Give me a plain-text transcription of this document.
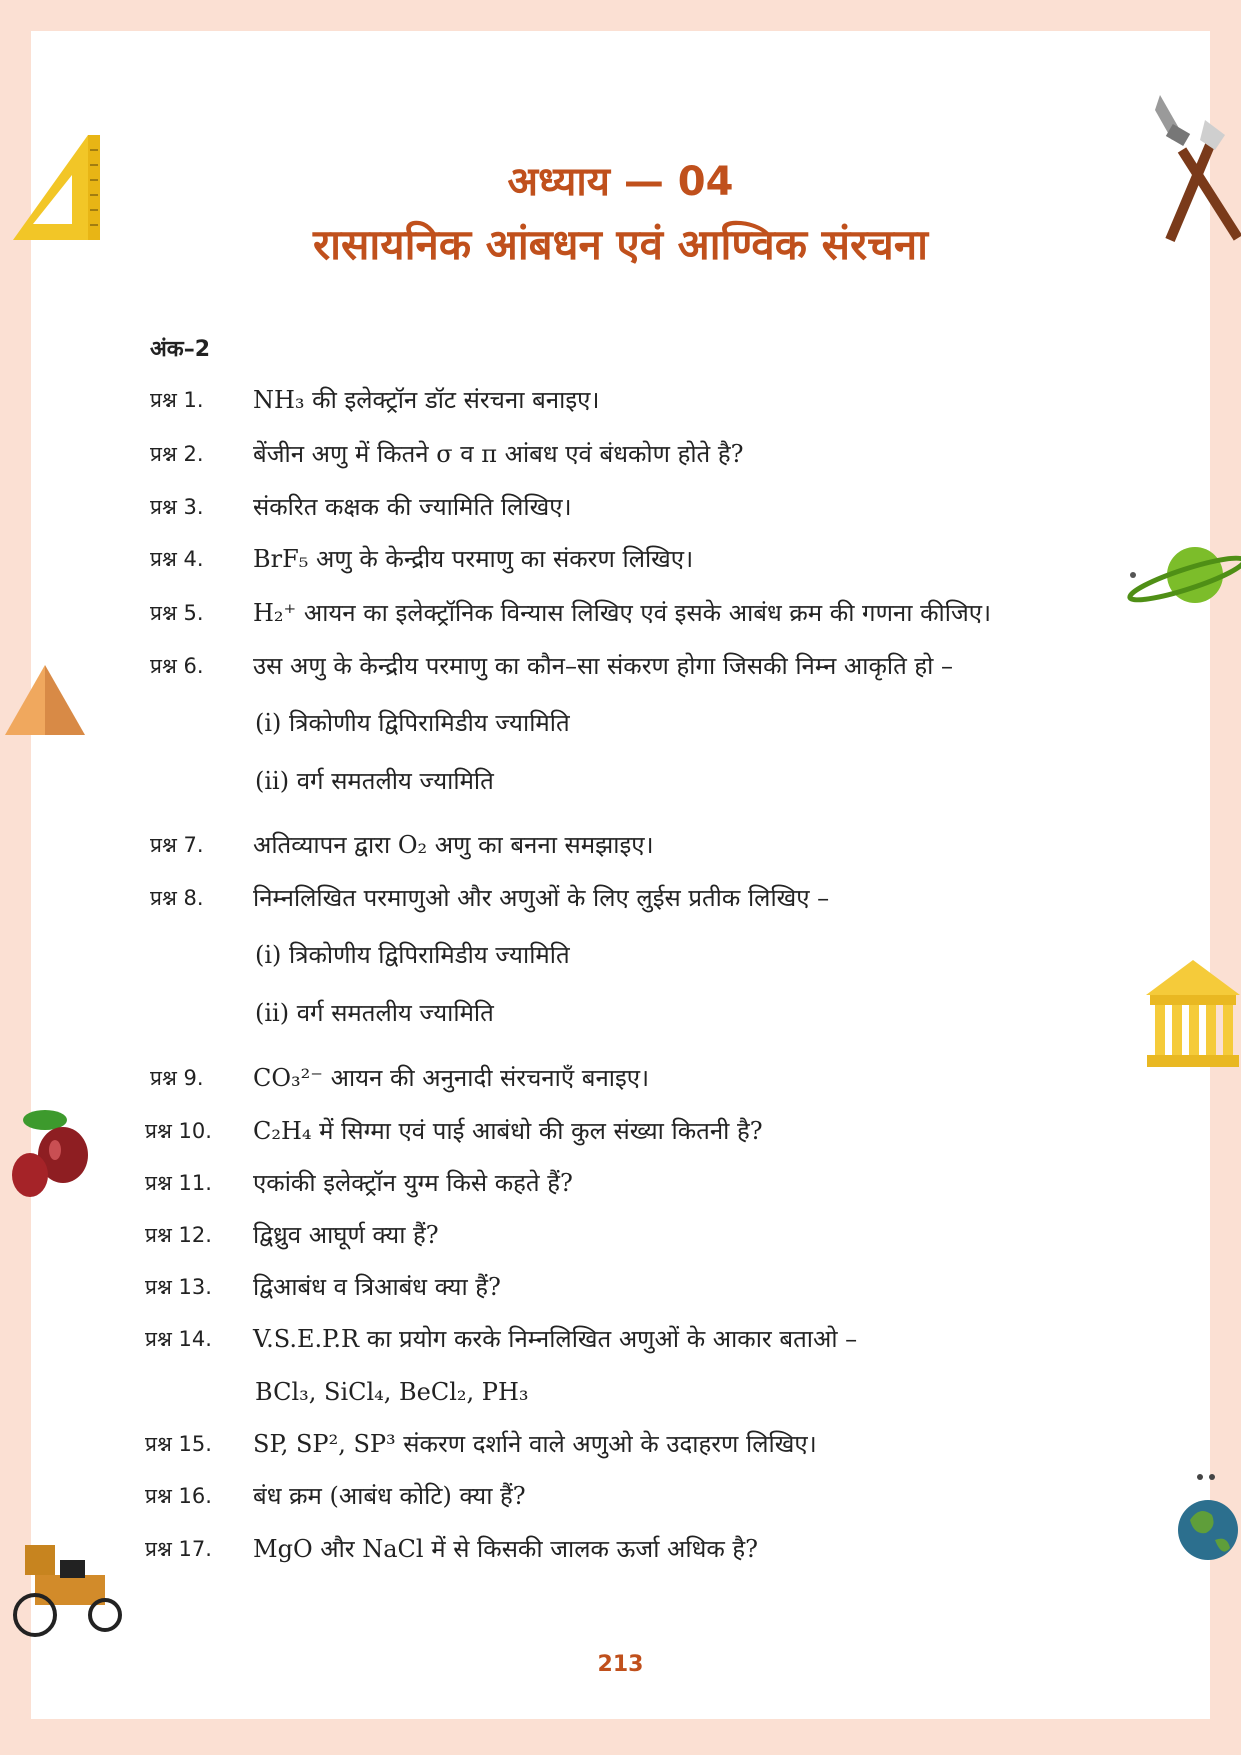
अध्याय — 04
रासायनिक आंबधन एवं आण्विक संरचना
अंक–2
प्रश्न 1. NH₃ की इलेक्ट्रॉन डॉट संरचना बनाइए।
प्रश्न 2. बेंजीन अणु में कितने σ व π आंबध एवं बंधकोण होते है?
प्रश्न 3. संकरित कक्षक की ज्यामिति लिखिए।
प्रश्न 4. BrF₅ अणु के केन्द्रीय परमाणु का संकरण लिखिए।
प्रश्न 5. H₂⁺ आयन का इलेक्ट्रॉनिक विन्यास लिखिए एवं इसके आबंध क्रम की गणना कीजिए।
प्रश्न 6. उस अणु के केन्द्रीय परमाणु का कौन–सा संकरण होगा जिसकी निम्न आकृति हो –
(i) त्रिकोणीय द्विपिरामिडीय ज्यामिति
(ii) वर्ग समतलीय ज्यामिति
प्रश्न 7. अतिव्यापन द्वारा O₂ अणु का बनना समझाइए।
प्रश्न 8. निम्नलिखित परमाणुओ और अणुओं के लिए लुईस प्रतीक लिखिए –
(i) त्रिकोणीय द्विपिरामिडीय ज्यामिति
(ii) वर्ग समतलीय ज्यामिति
प्रश्न 9. CO₃²⁻ आयन की अनुनादी संरचनाएँ बनाइए।
प्रश्न 10. C₂H₄ में सिग्मा एवं पाई आबंधो की कुल संख्या कितनी है?
प्रश्न 11. एकांकी इलेक्ट्रॉन युग्म किसे कहते हैं?
प्रश्न 12. द्विध्रुव आघूर्ण क्या हैं?
प्रश्न 13. द्विआबंध व त्रिआबंध क्या हैं?
प्रश्न 14. V.S.E.P.R का प्रयोग करके निम्नलिखित अणुओं के आकार बताओ –
BCl₃, SiCl₄, BeCl₂, PH₃
प्रश्न 15. SP, SP², SP³ संकरण दर्शाने वाले अणुओ के उदाहरण लिखिए।
प्रश्न 16. बंध क्रम (आबंध कोटि) क्या हैं?
प्रश्न 17. MgO और NaCl में से किसकी जालक ऊर्जा अधिक है?
213
